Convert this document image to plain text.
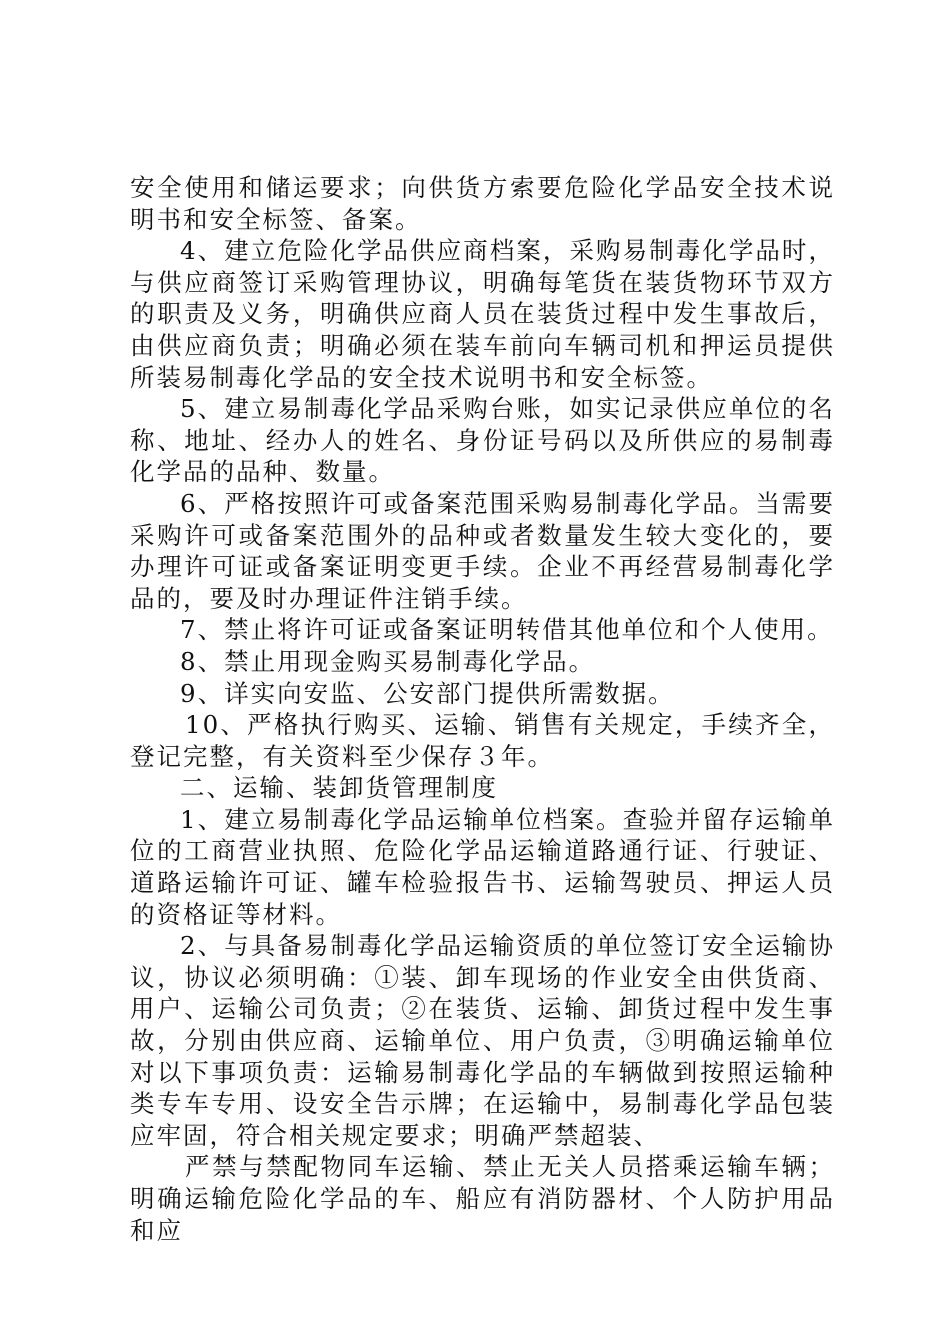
安全使用和储运要求；向供货方索要危险化学品安全技术说明书和安全标签、备案。

4、建立危险化学品供应商档案，采购易制毒化学品时，与供应商签订采购管理协议，明确每笔货在装货物环节双方的职责及义务，明确供应商人员在装货过程中发生事故后，由供应商负责；明确必须在装车前向车辆司机和押运员提供所装易制毒化学品的安全技术说明书和安全标签。

5、建立易制毒化学品采购台账，如实记录供应单位的名称、地址、经办人的姓名、身份证号码以及所供应的易制毒化学品的品种、数量。

6、严格按照许可或备案范围采购易制毒化学品。当需要采购许可或备案范围外的品种或者数量发生较大变化的，要办理许可证或备案证明变更手续。企业不再经营易制毒化学品的，要及时办理证件注销手续。

7、禁止将许可证或备案证明转借其他单位和个人使用。

8、禁止用现金购买易制毒化学品。

9、详实向安监、公安部门提供所需数据。

10、严格执行购买、运输、销售有关规定，手续齐全，登记完整，有关资料至少保存３年。

二、运输、装卸货管理制度

1、建立易制毒化学品运输单位档案。查验并留存运输单位的工商营业执照、危险化学品运输道路通行证、行驶证、道路运输许可证、罐车检验报告书、运输驾驶员、押运人员的资格证等材料。

2、与具备易制毒化学品运输资质的单位签订安全运输协议，协议必须明确：①装、卸车现场的作业安全由供货商、用户、运输公司负责；②在装货、运输、卸货过程中发生事故，分别由供应商、运输单位、用户负责，③明确运输单位对以下事项负责：运输易制毒化学品的车辆做到按照运输种类专车专用、设安全告示牌；在运输中，易制毒化学品包装应牢固，符合相关规定要求；明确严禁超装、

严禁与禁配物同车运输、禁止无关人员搭乘运输车辆；明确运输危险化学品的车、船应有消防器材、个人防护用品和应
